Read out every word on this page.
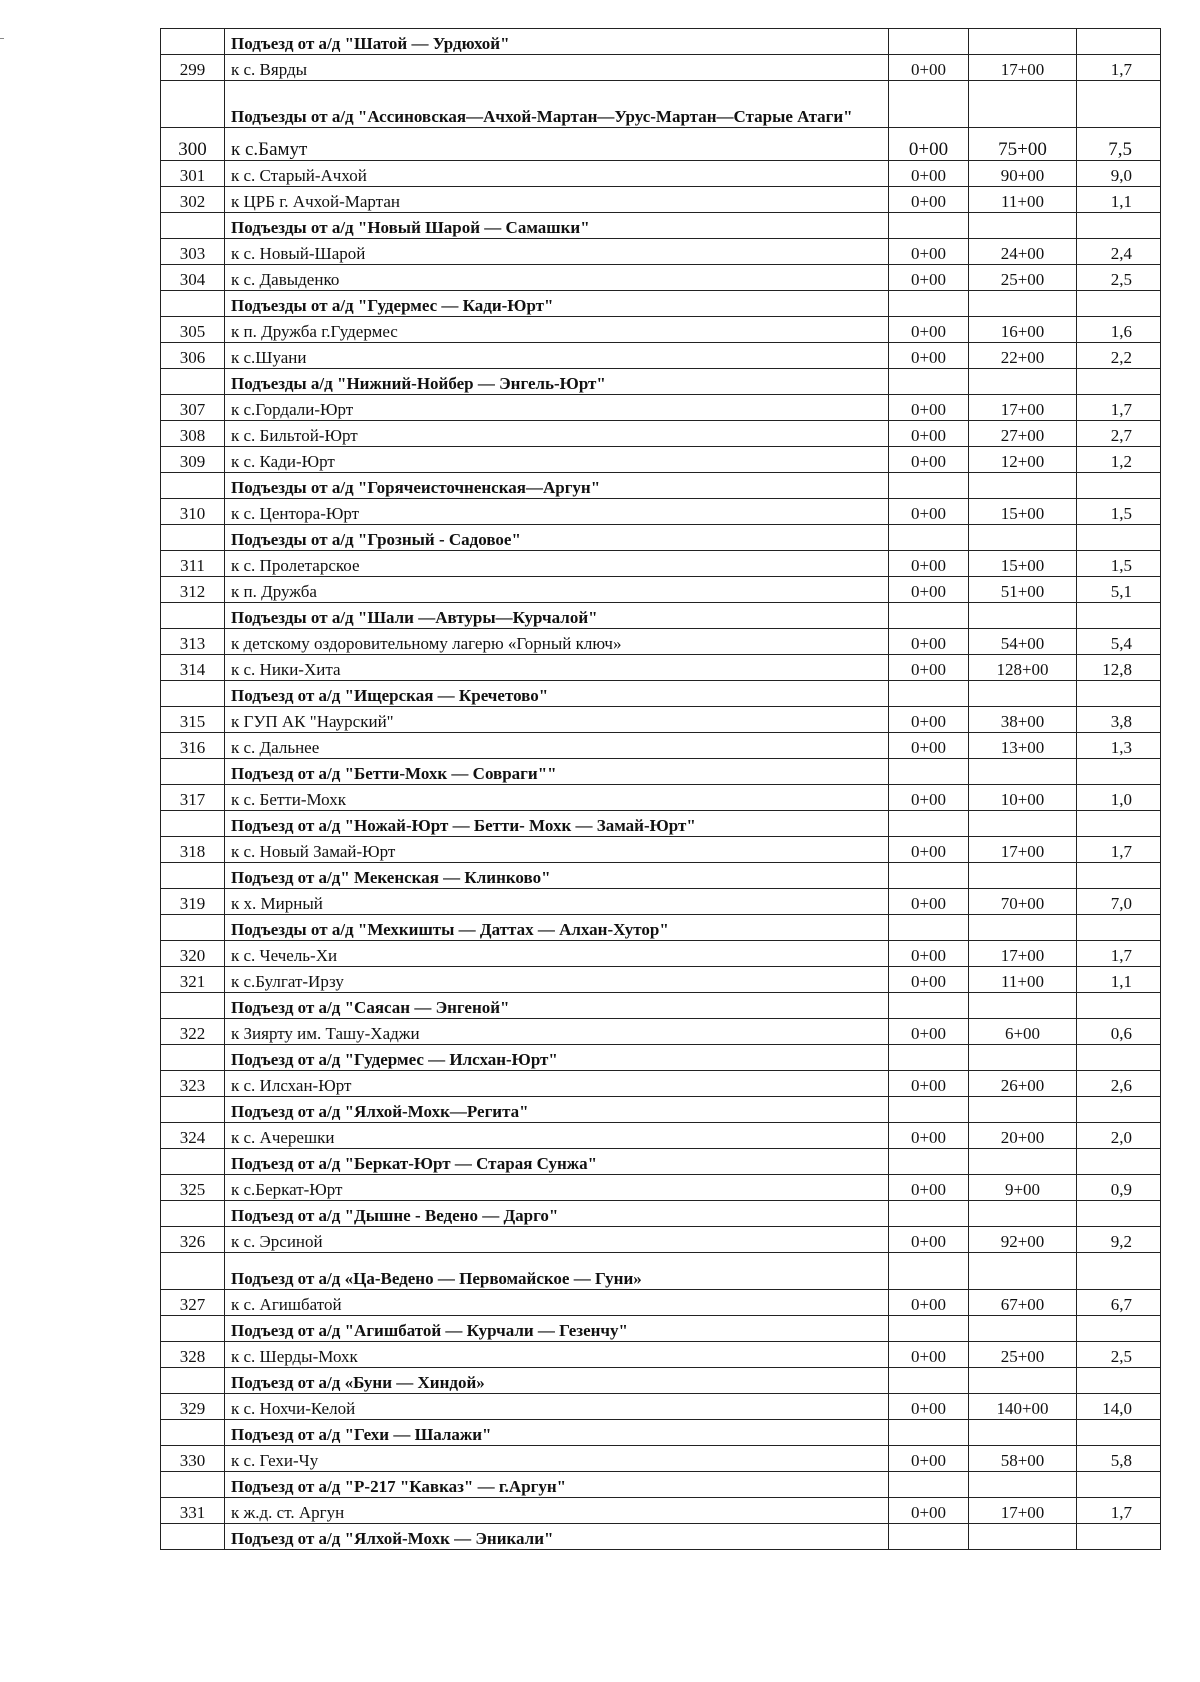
	Подъезд от а/д "Шатой — Урдюхой"			
299	к с. Вярды	0+00	17+00	1,7
	Подъезды от а/д "Ассиновская—Ачхой-Мартан—Урус-Мартан—Старые Атаги"			
300	к с.Бамут	0+00	75+00	7,5
301	к с. Старый-Ачхой	0+00	90+00	9,0
302	к ЦРБ г. Ачхой-Мартан	0+00	11+00	1,1
	Подъезды от а/д "Новый Шарой — Самашки"			
303	к с. Новый-Шарой	0+00	24+00	2,4
304	к с. Давыденко	0+00	25+00	2,5
	Подъезды от а/д "Гудермес — Кади-Юрт"			
305	к п. Дружба г.Гудермес	0+00	16+00	1,6
306	к с.Шуани	0+00	22+00	2,2
	Подъезды а/д "Нижний-Нойбер — Энгель-Юрт"			
307	к с.Гордали-Юрт	0+00	17+00	1,7
308	к с. Бильтой-Юрт	0+00	27+00	2,7
309	к с. Кади-Юрт	0+00	12+00	1,2
	Подъезды от а/д "Горячеисточненская—Аргун"			
310	к с. Центора-Юрт	0+00	15+00	1,5
	Подъезды от а/д "Грозный - Садовое"			
311	к с. Пролетарское	0+00	15+00	1,5
312	к п. Дружба	0+00	51+00	5,1
	Подъезды от а/д "Шали —Автуры—Курчалой"			
313	к детскому оздоровительному лагерю «Горный ключ»	0+00	54+00	5,4
314	к с. Ники-Хита	0+00	128+00	12,8
	Подъезд от а/д "Ищерская — Кречетово"			
315	к ГУП АК "Наурский"	0+00	38+00	3,8
316	к с. Дальнее	0+00	13+00	1,3
	Подъезд от а/д "Бетти-Мохк — Совраги""			
317	к с. Бетти-Мохк	0+00	10+00	1,0
	Подъезд от а/д "Ножай-Юрт — Бетти- Мохк — Замай-Юрт"			
318	к с. Новый Замай-Юрт	0+00	17+00	1,7
	Подъезд от а/д" Мекенская — Клинково"			
319	к х. Мирный	0+00	70+00	7,0
	Подъезды от а/д "Мехкишты — Даттах — Алхан-Хутор"			
320	к с. Чечель-Хи	0+00	17+00	1,7
321	к с.Булгат-Ирзу	0+00	11+00	1,1
	Подъезд от а/д "Саясан — Энгеной"			
322	к Зиярту им. Ташу-Хаджи	0+00	6+00	0,6
	Подъезд от а/д "Гудермес — Илсхан-Юрт"			
323	к с. Илсхан-Юрт	0+00	26+00	2,6
	Подъезд от а/д "Ялхой-Мохк—Регита"			
324	к с. Ачерешки	0+00	20+00	2,0
	Подъезд от а/д "Беркат-Юрт — Старая Сунжа"			
325	к с.Беркат-Юрт	0+00	9+00	0,9
	Подъезд от а/д "Дышне - Ведено — Дарго"			
326	к с. Эрсиной	0+00	92+00	9,2
	Подъезд от а/д «Ца-Ведено — Первомайское — Гуни»			
327	к с. Агишбатой	0+00	67+00	6,7
	Подъезд от а/д "Агишбатой — Курчали — Гезенчу"			
328	к с. Шерды-Мохк	0+00	25+00	2,5
	Подъезд от а/д «Буни — Хиндой»			
329	к с. Нохчи-Келой	0+00	140+00	14,0
	Подъезд от а/д "Гехи — Шалажи"			
330	к с. Гехи-Чу	0+00	58+00	5,8
	Подъезд от а/д "Р-217 "Кавказ" — г.Аргун"			
331	к ж.д. ст. Аргун	0+00	17+00	1,7
	Подъезд от а/д "Ялхой-Мохк — Эникали"			
